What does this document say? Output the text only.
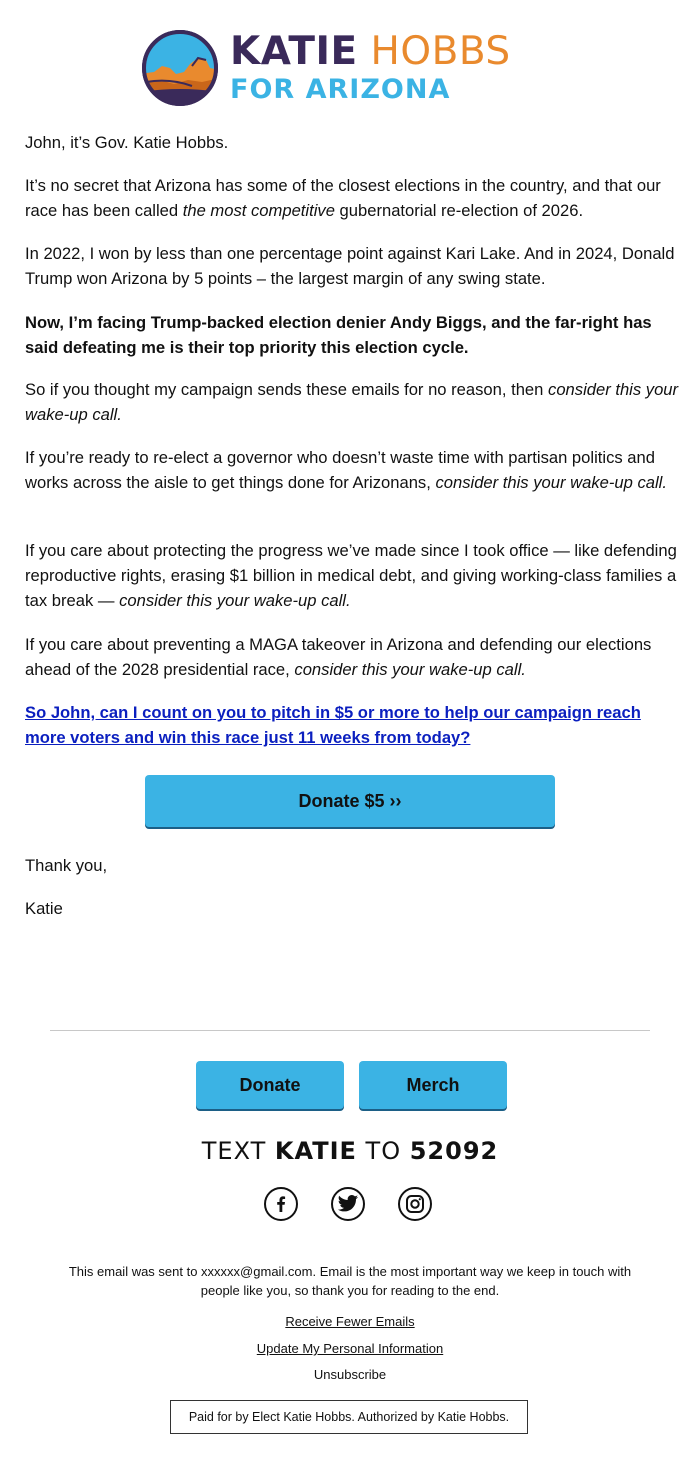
KATIE HOBBS
FOR ARIZONA

John, it’s Gov. Katie Hobbs.

It’s no secret that Arizona has some of the closest elections in the country, and that our race has been called the most competitive gubernatorial re-election of 2026.

In 2022, I won by less than one percentage point against Kari Lake. And in 2024, Donald Trump won Arizona by 5 points – the largest margin of any swing state.

Now, I’m facing Trump-backed election denier Andy Biggs, and the far-right has said defeating me is their top priority this election cycle.

So if you thought my campaign sends these emails for no reason, then consider this your wake-up call.

If you’re ready to re-elect a governor who doesn’t waste time with partisan politics and works across the aisle to get things done for Arizonans, consider this your wake-up call.

If you care about protecting the progress we’ve made since I took office — like defending reproductive rights, erasing $1 billion in medical debt, and giving working-class families a tax break — consider this your wake-up call.

If you care about preventing a MAGA takeover in Arizona and defending our elections ahead of the 2028 presidential race, consider this your wake-up call.

So John, can I count on you to pitch in $5 or more to help our campaign reach more voters and win this race just 11 weeks from today?

Donate $5 ››
Thank you,
Katie
Donate	Merch
TEXT KATIE TO 52092
This email was sent to xxxxxx@gmail.com. Email is the most important way we keep in touch with people like you, so thank you for reading to the end.
Receive Fewer Emails
Update My Personal Information
Unsubscribe
Paid for by Elect Katie Hobbs. Authorized by Katie Hobbs.
